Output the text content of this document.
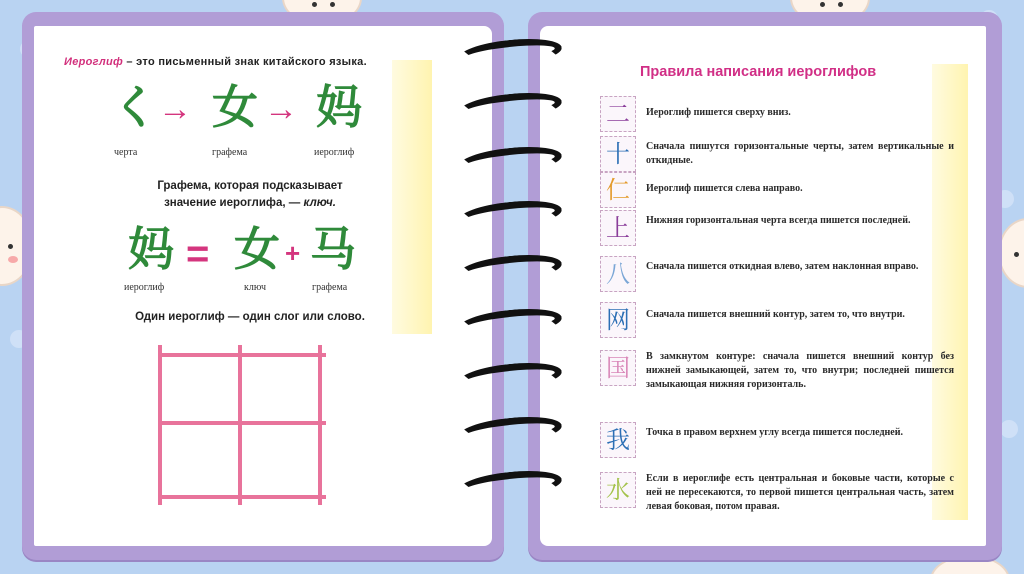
Иероглиф – это письменный знак китайского языка.
く → 女 → 妈
черта	графема	иероглиф
Графема, которая подсказывает
значение иероглифа, — ключ.
妈 = 女 + 马
иероглиф	ключ	графема
Один иероглиф — один слог или слово.
Правила написания иероглифов
二	Иероглиф пишется сверху вниз.
十	Сначала пишутся горизонтальные черты, затем вертикальные и откидные.
仁	Иероглиф пишется слева направо.
上	Нижняя горизонтальная черта всегда пишется последней.
八	Сначала пишется откидная влево, затем наклонная вправо.
网	Сначала пишется внешний контур, затем то, что внутри.
国	В замкнутом контуре: сначала пишется внешний контур без нижней замыкающей, затем то, что внутри; последней пишется замыкающая нижняя горизонталь.
我	Точка в правом верхнем углу всегда пишется последней.
水	Если в иероглифе есть центральная и боковые части, которые с ней не пересекаются, то первой пишется центральная часть, затем левая боковая, потом правая.
